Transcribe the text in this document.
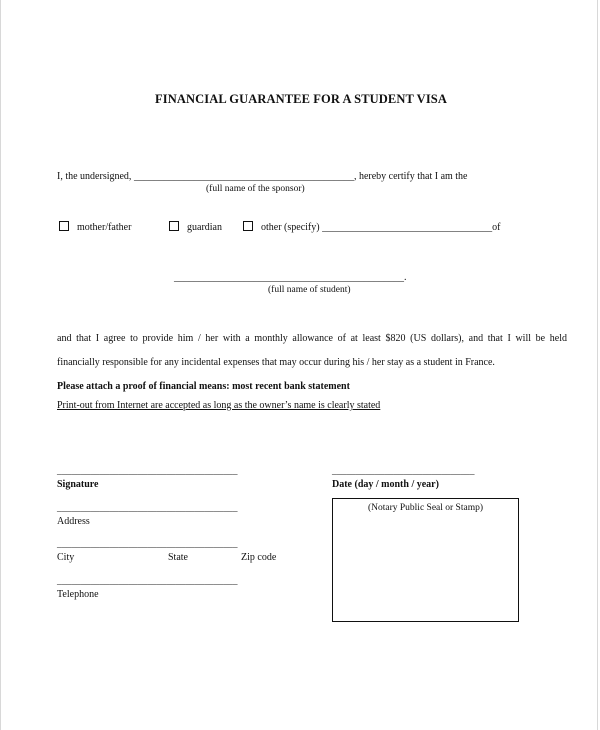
FINANCIAL GUARANTEE FOR A STUDENT VISA
I, the undersigned, ____________________________________________, hereby certify that I am the
(full name of the sponsor)
mother/father	guardian	other (specify) __________________________________of
______________________________________________.
(full name of student)
and that I agree to provide him / her with a monthly allowance of at least $820 (US dollars), and that I will be held
financially responsible for any incidental expenses that may occur during his / her stay as a student in France.
Please attach a proof of financial means: most recent bank statement
Print-out from Internet are accepted as long as the owner’s name is clearly stated
______________________________________
Signature
______________________________________
Address
______________________________________
City	State	Zip code
______________________________________
Telephone
______________________________
Date (day / month / year)
(Notary Public Seal or Stamp)
